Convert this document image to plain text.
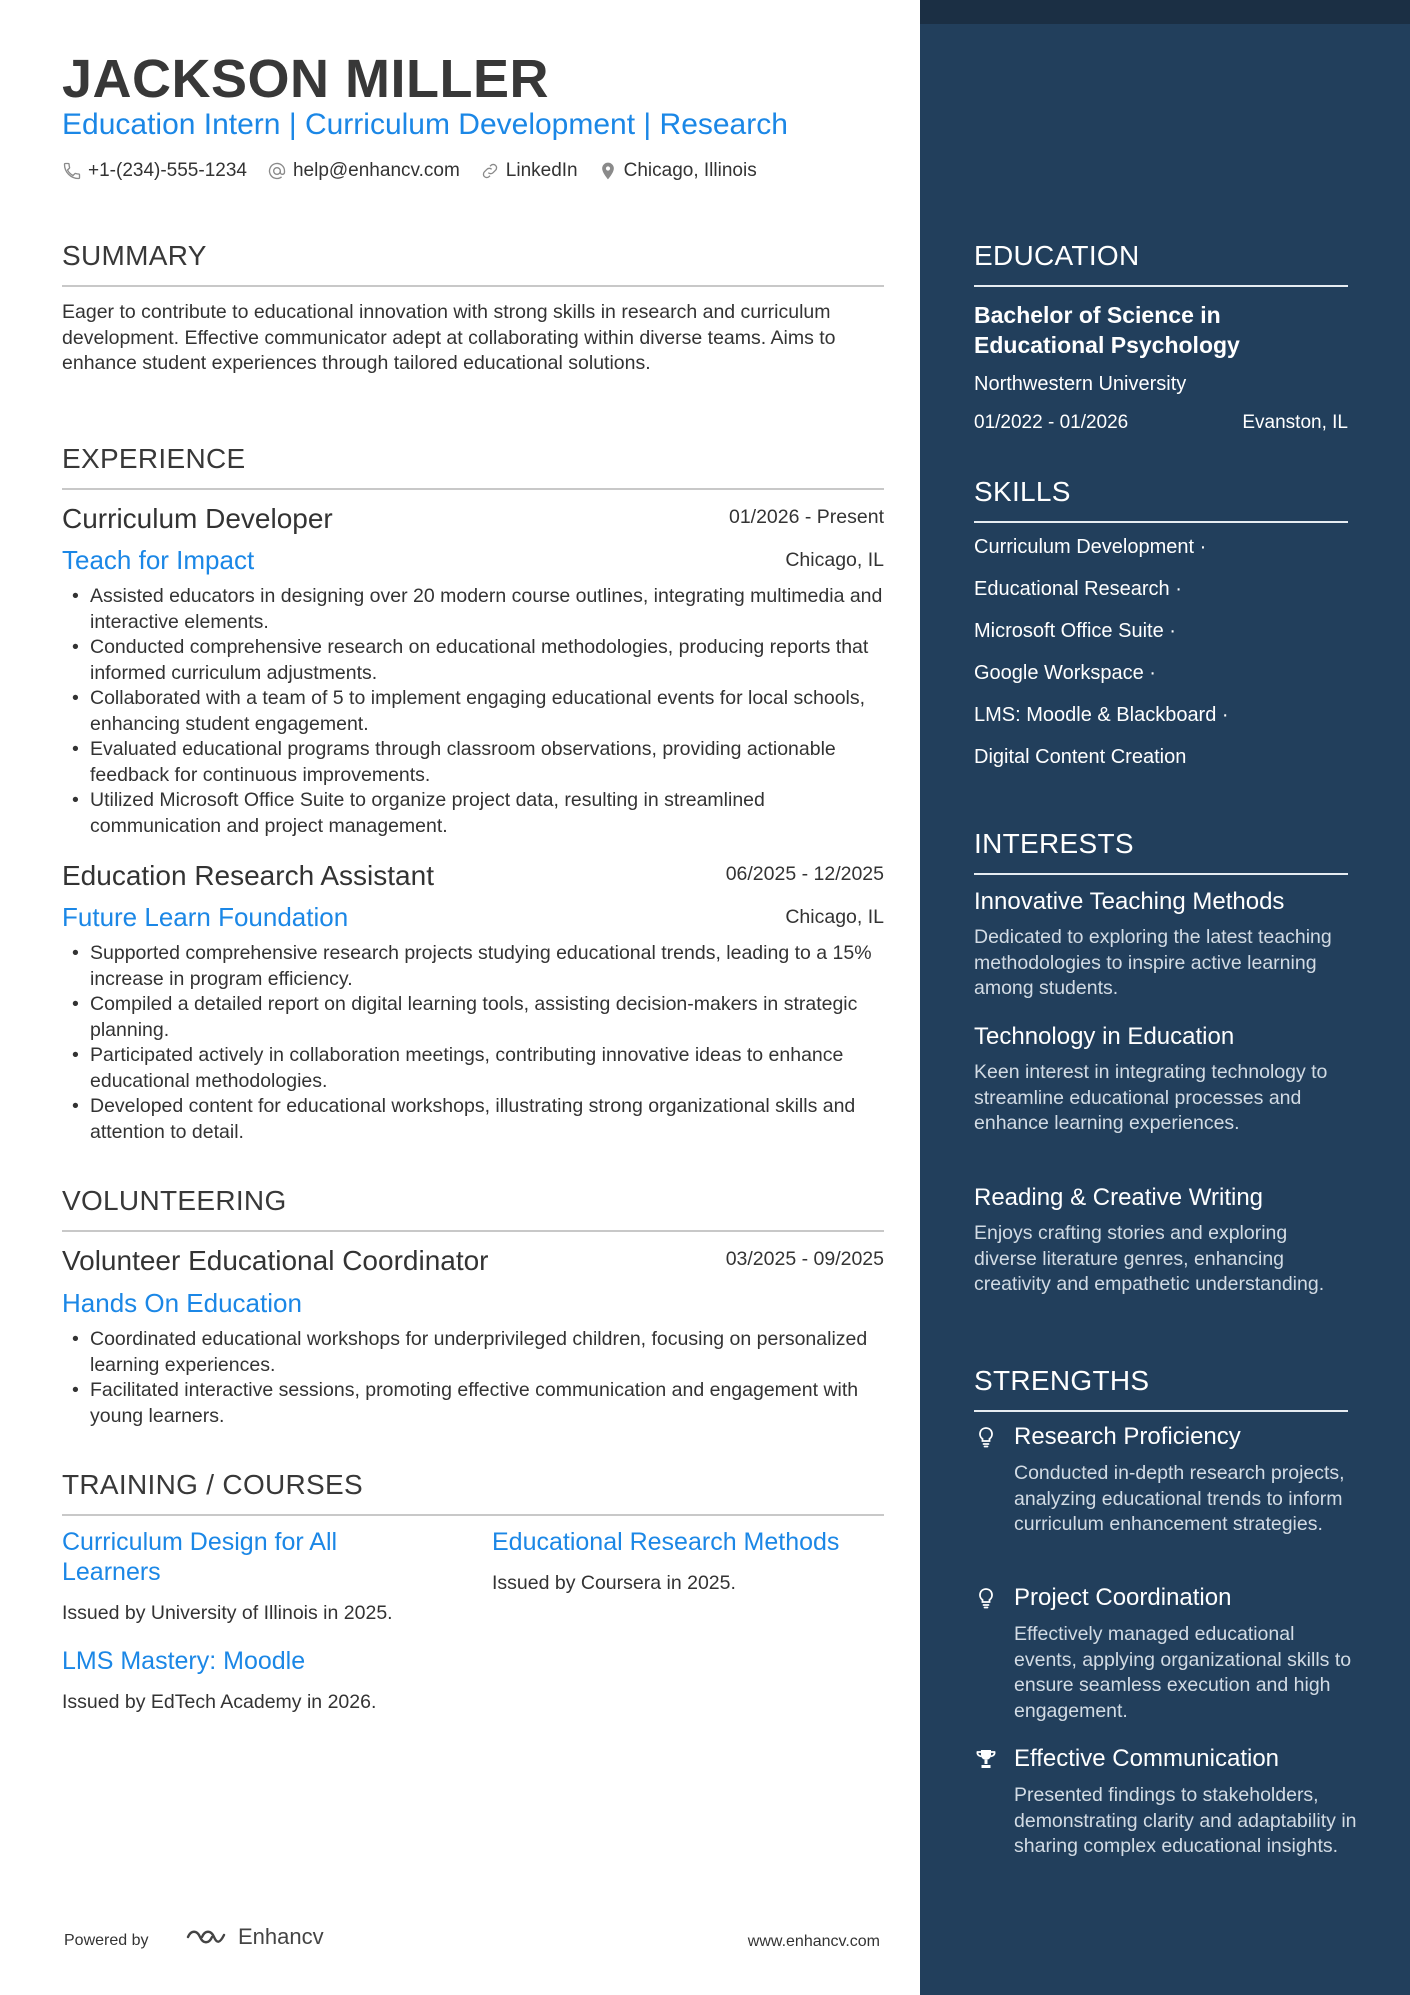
JACKSON MILLER
Education Intern | Curriculum Development | Research
+1-(234)-555-1234 help@enhancv.com LinkedIn Chicago, Illinois
SUMMARY
Eager to contribute to educational innovation with strong skills in research and curriculum development. Effective communicator adept at collaborating within diverse teams. Aims to enhance student experiences through tailored educational solutions.
EXPERIENCE
Curriculum Developer	01/2026 - Present
Teach for Impact	Chicago, IL
• Assisted educators in designing over 20 modern course outlines, integrating multimedia and interactive elements.
• Conducted comprehensive research on educational methodologies, producing reports that informed curriculum adjustments.
• Collaborated with a team of 5 to implement engaging educational events for local schools, enhancing student engagement.
• Evaluated educational programs through classroom observations, providing actionable feedback for continuous improvements.
• Utilized Microsoft Office Suite to organize project data, resulting in streamlined communication and project management.
Education Research Assistant	06/2025 - 12/2025
Future Learn Foundation	Chicago, IL
• Supported comprehensive research projects studying educational trends, leading to a 15% increase in program efficiency.
• Compiled a detailed report on digital learning tools, assisting decision-makers in strategic planning.
• Participated actively in collaboration meetings, contributing innovative ideas to enhance educational methodologies.
• Developed content for educational workshops, illustrating strong organizational skills and attention to detail.
VOLUNTEERING
Volunteer Educational Coordinator	03/2025 - 09/2025
Hands On Education
• Coordinated educational workshops for underprivileged children, focusing on personalized learning experiences.
• Facilitated interactive sessions, promoting effective communication and engagement with young learners.
TRAINING / COURSES
Curriculum Design for All Learners
Issued by University of Illinois in 2025.
Educational Research Methods
Issued by Coursera in 2025.
LMS Mastery: Moodle
Issued by EdTech Academy in 2026.
Powered by	Enhancv	www.enhancv.com
EDUCATION
Bachelor of Science in Educational Psychology
Northwestern University
01/2022 - 01/2026	Evanston, IL
SKILLS
Curriculum Development ·
Educational Research ·
Microsoft Office Suite ·
Google Workspace ·
LMS: Moodle & Blackboard ·
Digital Content Creation
INTERESTS
Innovative Teaching Methods
Dedicated to exploring the latest teaching methodologies to inspire active learning among students.
Technology in Education
Keen interest in integrating technology to streamline educational processes and enhance learning experiences.
Reading & Creative Writing
Enjoys crafting stories and exploring diverse literature genres, enhancing creativity and empathetic understanding.
STRENGTHS
Research Proficiency
Conducted in-depth research projects, analyzing educational trends to inform curriculum enhancement strategies.
Project Coordination
Effectively managed educational events, applying organizational skills to ensure seamless execution and high engagement.
Effective Communication
Presented findings to stakeholders, demonstrating clarity and adaptability in sharing complex educational insights.
